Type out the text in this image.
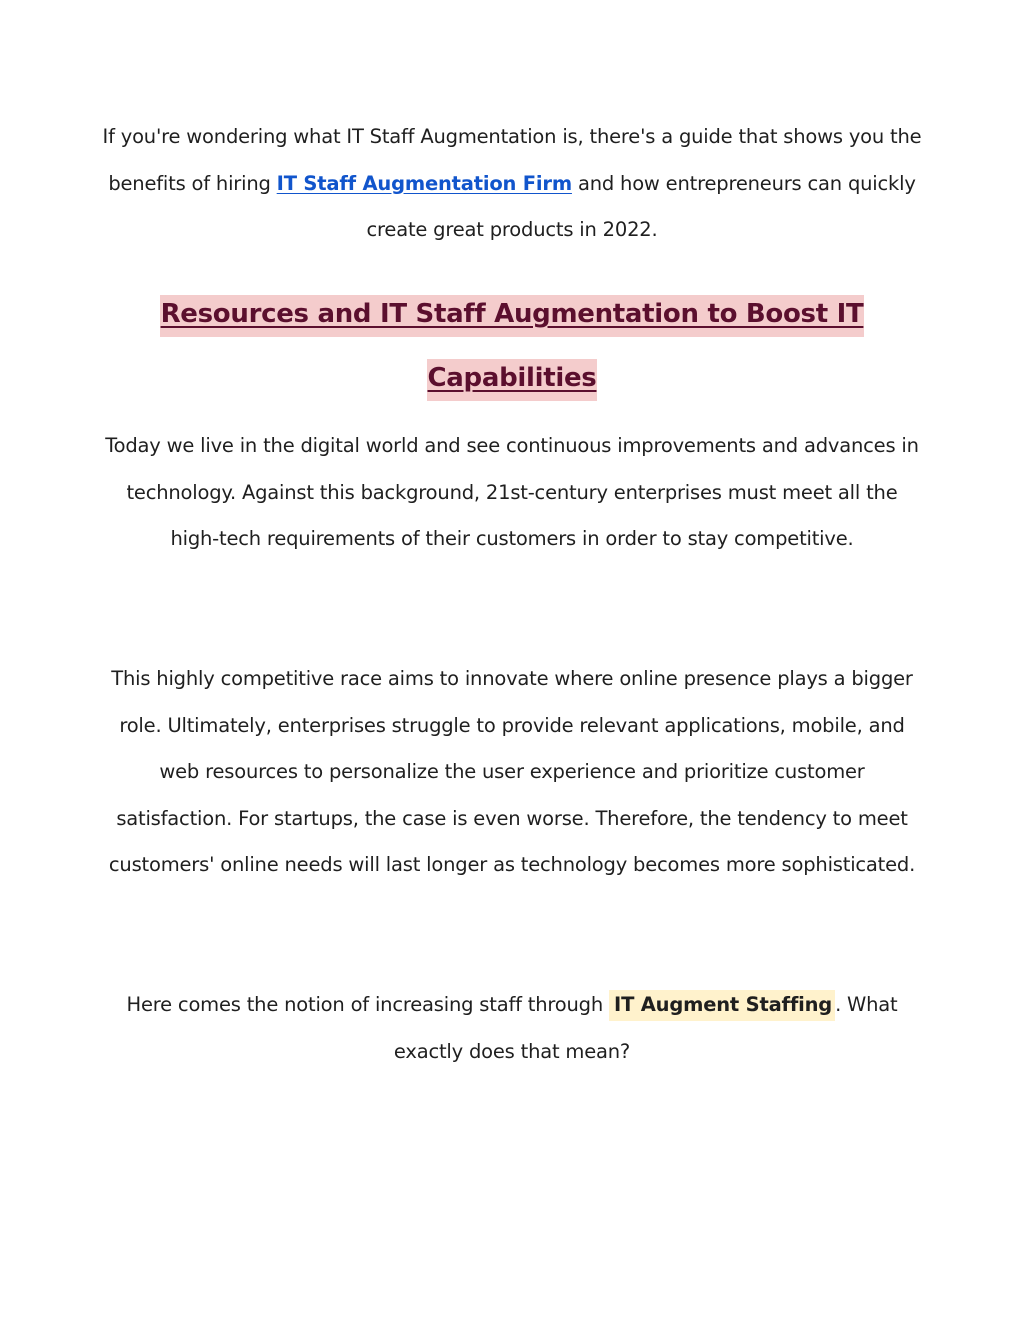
If you're wondering what IT Staff Augmentation is, there's a guide that shows you the benefits of hiring IT Staff Augmentation Firm and how entrepreneurs can quickly create great products in 2022.

Resources and IT Staff Augmentation to Boost IT
Capabilities

Today we live in the digital world and see continuous improvements and advances in technology. Against this background, 21st-century enterprises must meet all the high-tech requirements of their customers in order to stay competitive.

This highly competitive race aims to innovate where online presence plays a bigger role. Ultimately, enterprises struggle to provide relevant applications, mobile, and web resources to personalize the user experience and prioritize customer satisfaction. For startups, the case is even worse. Therefore, the tendency to meet customers' online needs will last longer as technology becomes more sophisticated.

Here comes the notion of increasing staff through IT Augment Staffing . What exactly does that mean?
